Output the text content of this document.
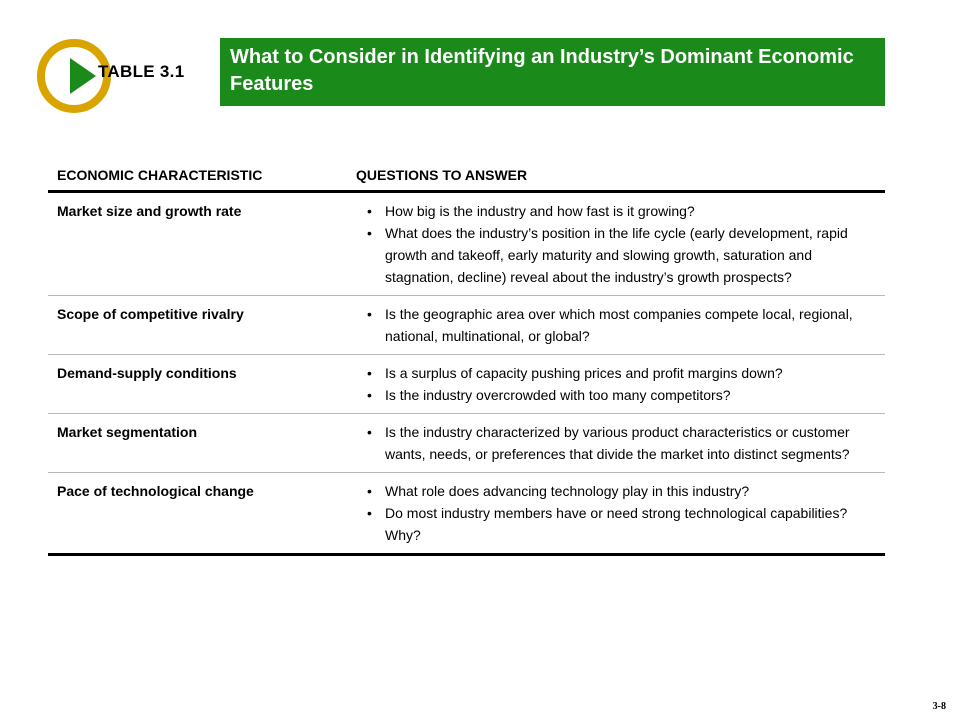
TABLE 3.1
What to Consider in Identifying an Industry’s Dominant Economic Features
ECONOMIC CHARACTERISTIC	QUESTIONS TO ANSWER
Market size and growth rate	• How big is the industry and how fast is it growing?
• What does the industry’s position in the life cycle (early development, rapid growth and takeoff, early maturity and slowing growth, saturation and stagnation, decline) reveal about the industry’s growth prospects?
Scope of competitive rivalry	• Is the geographic area over which most companies compete local, regional, national, multinational, or global?
Demand-supply conditions	• Is a surplus of capacity pushing prices and profit margins down?
• Is the industry overcrowded with too many competitors?
Market segmentation	• Is the industry characterized by various product characteristics or customer wants, needs, or preferences that divide the market into distinct segments?
Pace of technological change	• What role does advancing technology play in this industry?
• Do most industry members have or need strong technological capabilities? Why?
3-8
